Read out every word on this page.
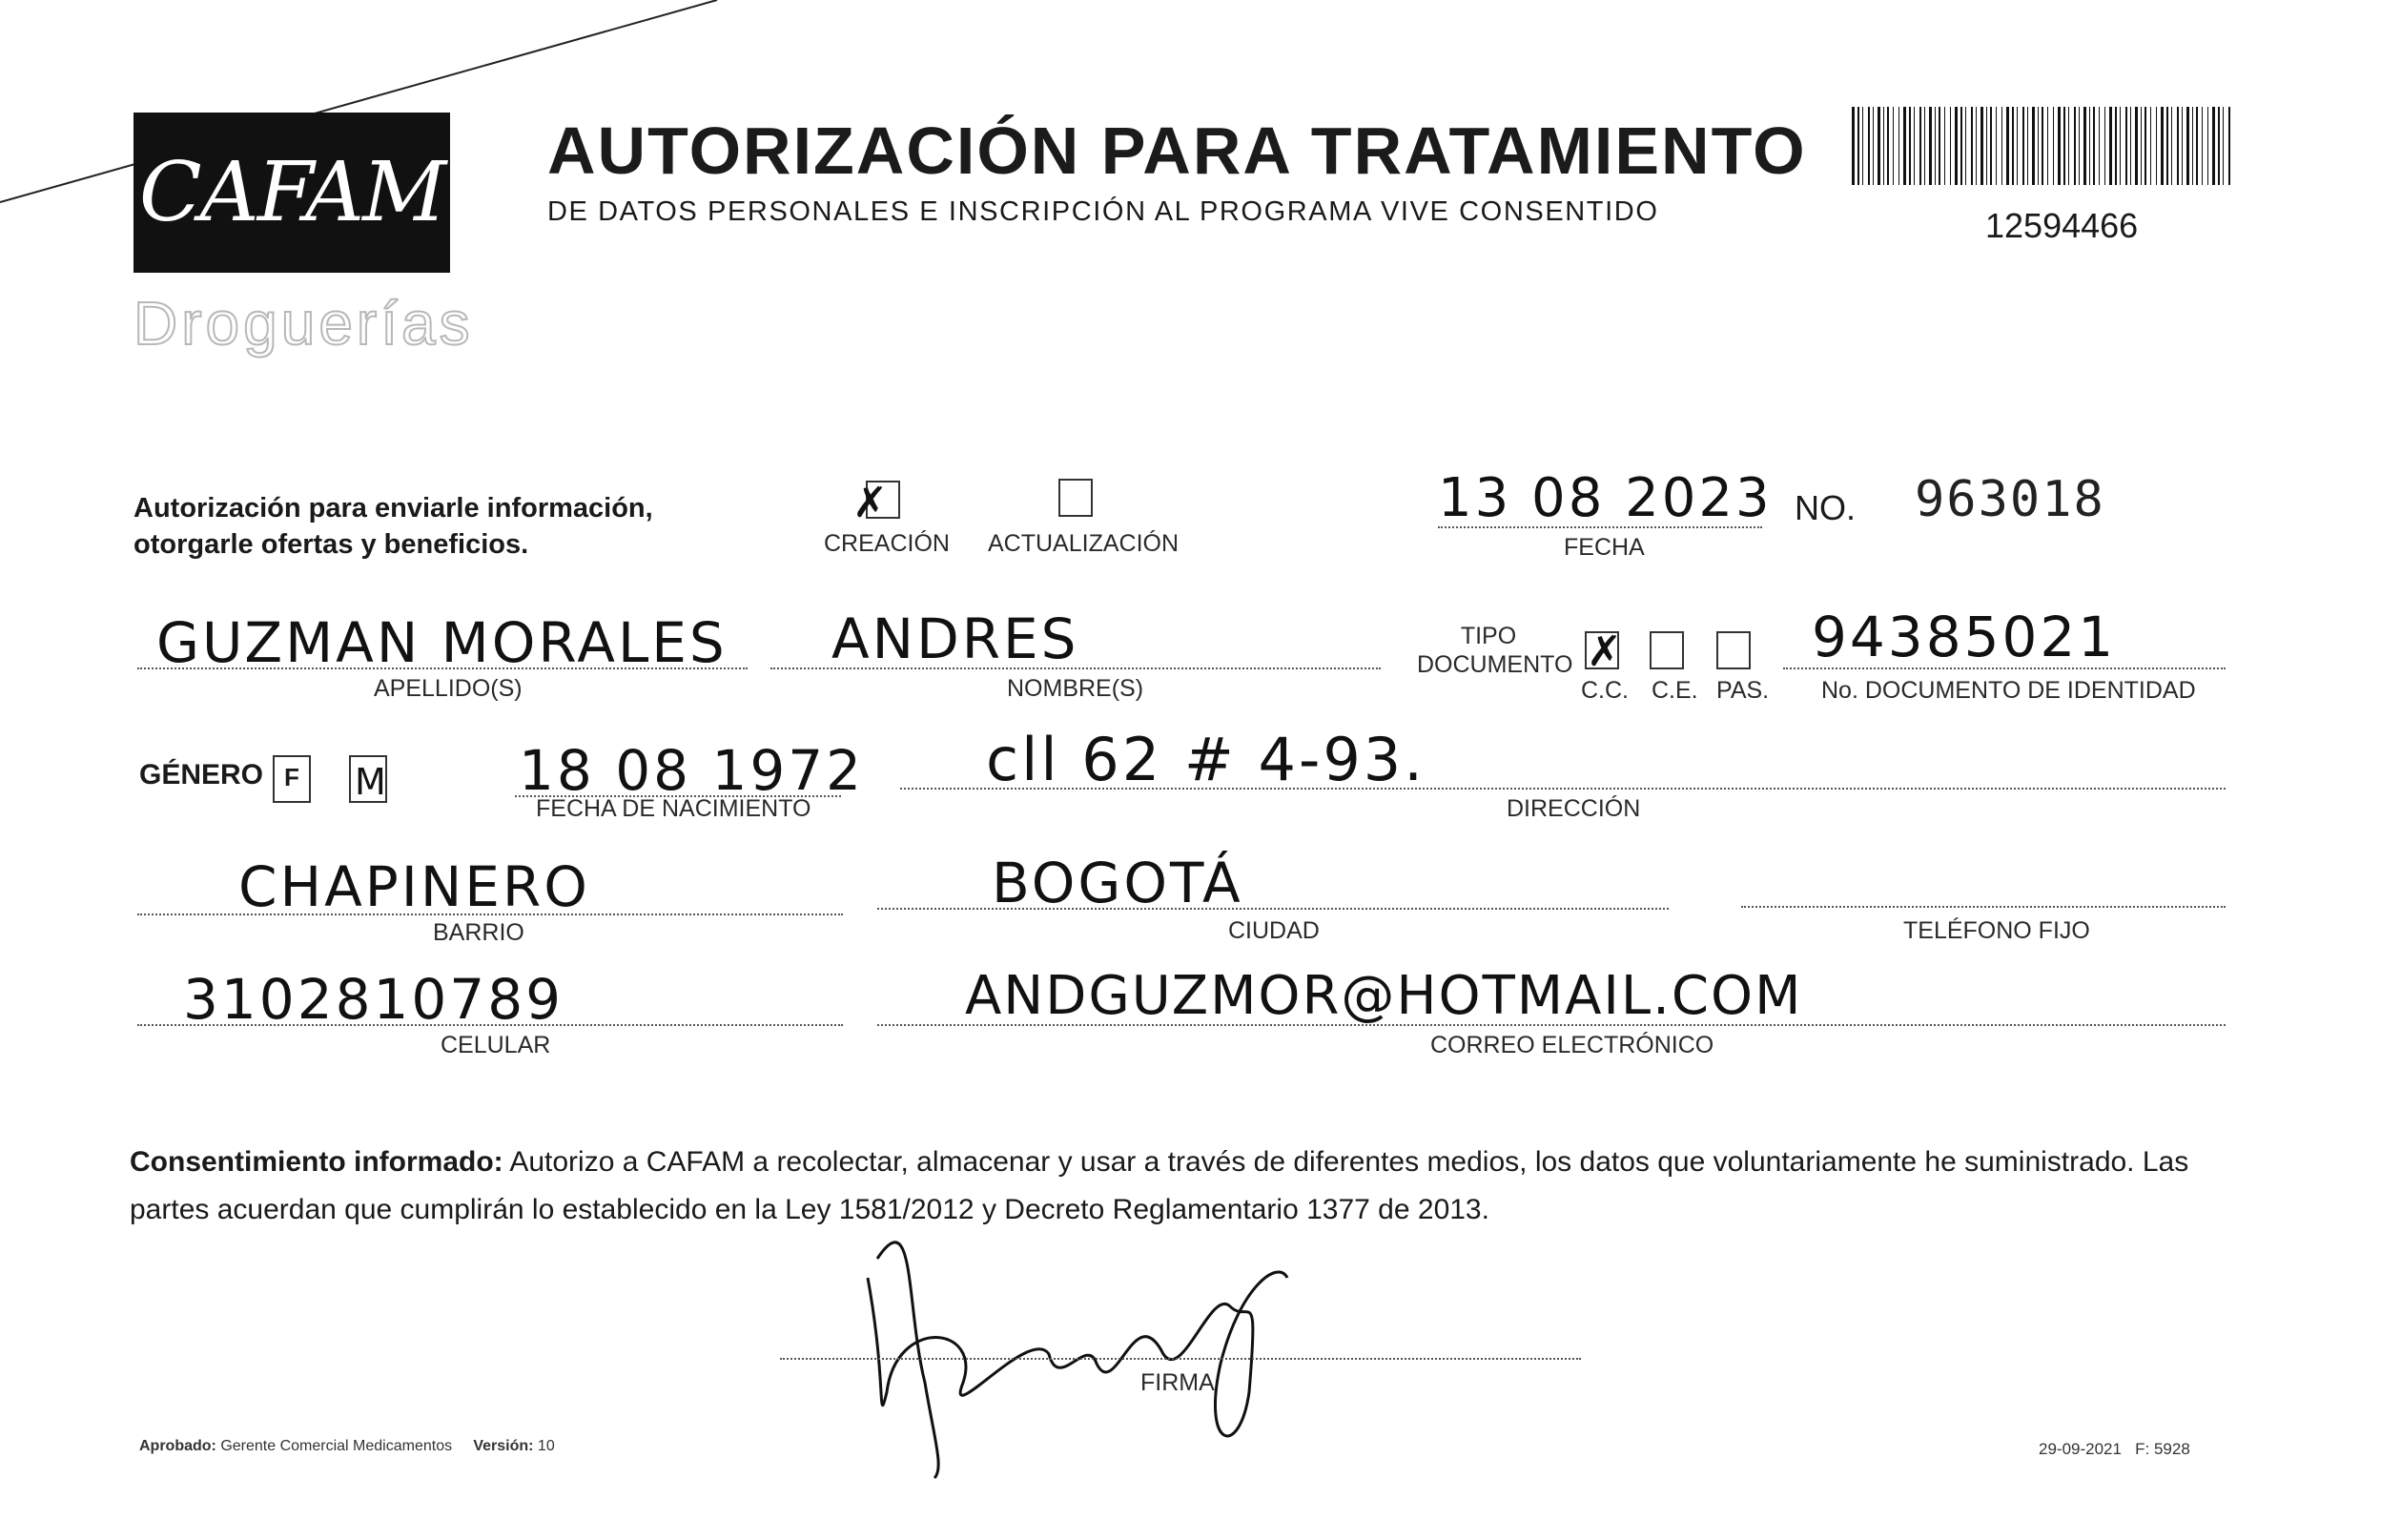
CAFAM
Droguerías
AUTORIZACIÓN PARA TRATAMIENTO
DE DATOS PERSONALES E INSCRIPCIÓN AL PROGRAMA VIVE CONSENTIDO	12594466
Autorización para enviarle información, otorgarle ofertas y beneficios.
✗
CREACIÓN ACTUALIZACIÓN
13 08 2023
FECHA
NO. 963018
GUZMAN MORALES
APELLIDO(S)
ANDRES
NOMBRE(S)
TIPO DOCUMENTO ✗
C.C. C.E. PAS.
94385021
No. DOCUMENTO DE IDENTIDAD
GÉNERO F M 18 08 1972
FECHA DE NACIMIENTO
cll 62 # 4-93.
DIRECCIÓN
CHAPINERO
BARRIO
BOGOTÁ
CIUDAD	TELÉFONO FIJO
3102810789
CELULAR
ANDGUZMOR@HOTMAIL.COM
CORREO ELECTRÓNICO
Consentimiento informado: Autorizo a CAFAM a recolectar, almacenar y usar a través de diferentes medios, los datos que voluntariamente he suministrado. Las partes acuerdan que cumplirán lo establecido en la Ley 1581/2012 y Decreto Reglamentario 1377 de 2013.
FIRMA
Aprobado: Gerente Comercial Medicamentos Versión: 10	29-09-2021 F: 5928
